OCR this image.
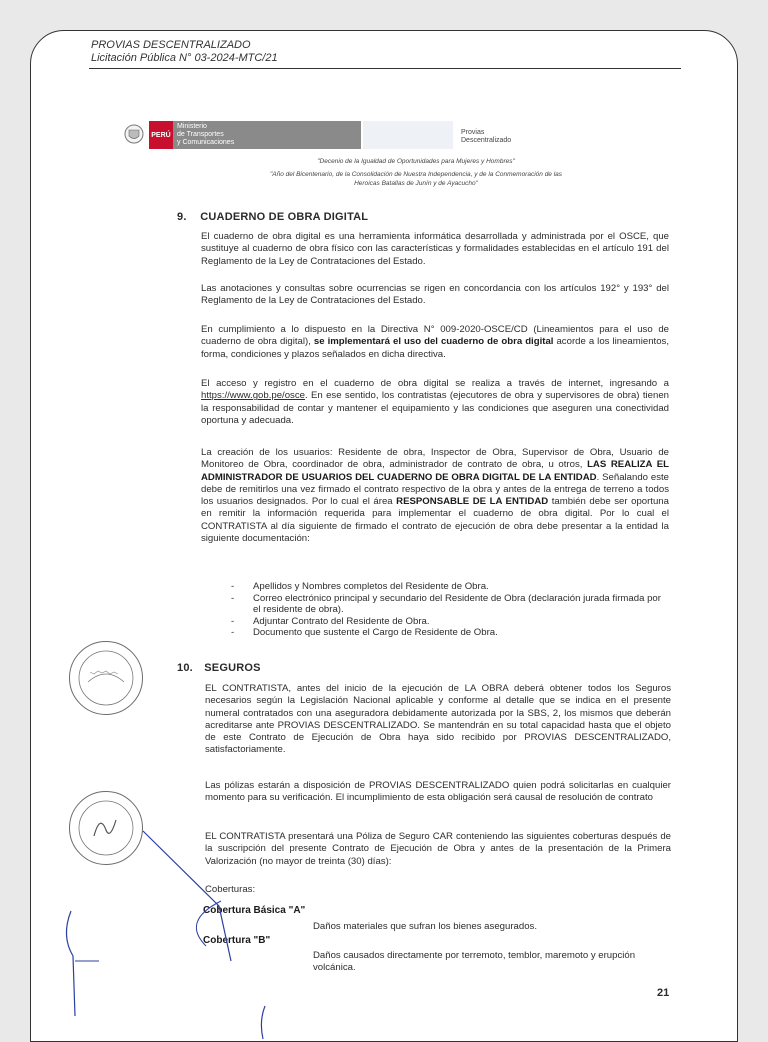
PROVIAS DESCENTRALIZADO
Licitación Pública N° 03-2024-MTC/21
PERÚ
Ministerio
de Transportes
y Comunicaciones
Provias
Descentralizado
"Decenio de la Igualdad de Oportunidades para Mujeres y Hombres"
"Año del Bicentenario, de la Consolidación de Nuestra Independencia, y de la Conmemoración de las
Heroicas Batallas de Junín y de Ayacucho"
9. CUADERNO DE OBRA DIGITAL
El cuaderno de obra digital es una herramienta informática desarrollada y administrada por el OSCE, que sustituye al cuaderno de obra físico con las características y formalidades establecidas en el artículo 191 del Reglamento de la Ley de Contrataciones del Estado.
Las anotaciones y consultas sobre ocurrencias se rigen en concordancia con los artículos 192° y 193° del Reglamento de la Ley de Contrataciones del Estado.
En cumplimiento a lo dispuesto en la Directiva N° 009-2020-OSCE/CD (Lineamientos para el uso de cuaderno de obra digital), se implementará el uso del cuaderno de obra digital acorde a los lineamientos, forma, condiciones y plazos señalados en dicha directiva.
El acceso y registro en el cuaderno de obra digital se realiza a través de internet, ingresando a https://www.gob.pe/osce. En ese sentido, los contratistas (ejecutores de obra y supervisores de obra) tienen la responsabilidad de contar y mantener el equipamiento y las condiciones que aseguren una conectividad oportuna y adecuada.
La creación de los usuarios: Residente de obra, Inspector de Obra, Supervisor de Obra, Usuario de Monitoreo de Obra, coordinador de obra, administrador de contrato de obra, u otros, LAS REALIZA EL ADMINISTRADOR DE USUARIOS DEL CUADERNO DE OBRA DIGITAL DE LA ENTIDAD. Señalando este debe de remitirlos una vez firmado el contrato respectivo de la obra y antes de la entrega de terreno a todos los usuarios designados. Por lo cual el área RESPONSABLE DE LA ENTIDAD también debe ser oportuna en remitir la información requerida para implementar el cuaderno de obra digital. Por lo cual el CONTRATISTA al día siguiente de firmado el contrato de ejecución de obra debe presentar a la entidad la siguiente documentación:
- Apellidos y Nombres completos del Residente de Obra.
- Correo electrónico principal y secundario del Residente de Obra (declaración jurada firmada por el residente de obra).
- Adjuntar Contrato del Residente de Obra.
- Documento que sustente el Cargo de Residente de Obra.
10. SEGUROS
EL CONTRATISTA, antes del inicio de la ejecución de LA OBRA deberá obtener todos los Seguros necesarios según la Legislación Nacional aplicable y conforme al detalle que se indica en el presente numeral contratados con una aseguradora debidamente autorizada por la SBS, 2, los mismos que deberán acreditarse ante PROVIAS DESCENTRALIZADO. Se mantendrán en su total capacidad hasta que el objeto de este Contrato de Ejecución de Obra haya sido recibido por PROVIAS DESCENTRALIZADO, satisfactoriamente.
Las pólizas estarán a disposición de PROVIAS DESCENTRALIZADO quien podrá solicitarlas en cualquier momento para su verificación. El incumplimiento de esta obligación será causal de resolución de contrato
EL CONTRATISTA presentará una Póliza de Seguro CAR conteniendo las siguientes coberturas después de la suscripción del presente Contrato de Ejecución de Obra y antes de la presentación de la Primera Valorización (no mayor de treinta (30) días):
Coberturas:
Cobertura Básica "A"
Daños materiales que sufran los bienes asegurados.
Cobertura "B"
Daños causados directamente por terremoto, temblor, maremoto y erupción volcánica.
21
